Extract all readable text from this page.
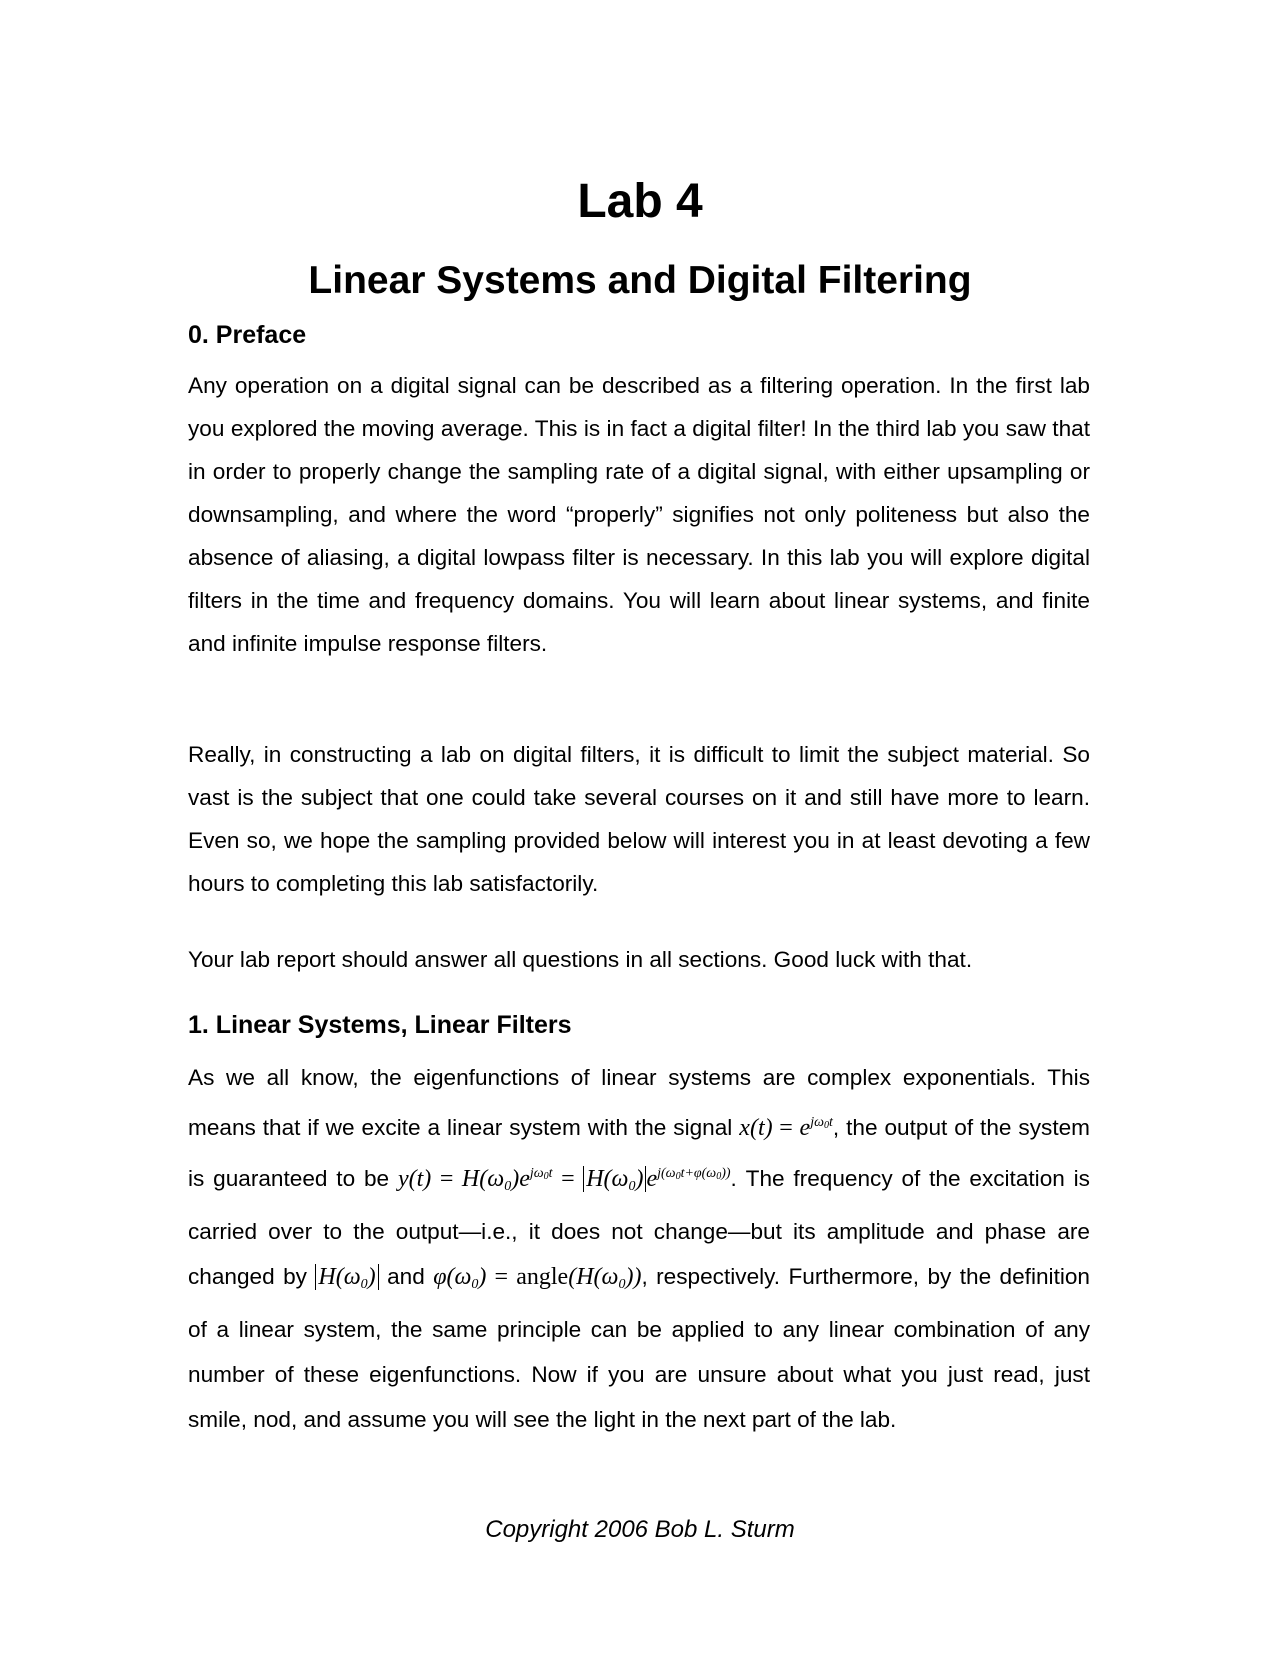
Lab 4
Linear Systems and Digital Filtering
0. Preface

Any operation on a digital signal can be described as a filtering operation. In the first lab you explored the moving average. This is in fact a digital filter! In the third lab you saw that in order to properly change the sampling rate of a digital signal, with either upsampling or downsampling, and where the word “properly” signifies not only politeness but also the absence of aliasing, a digital lowpass filter is necessary. In this lab you will explore digital filters in the time and frequency domains. You will learn about linear systems, and finite and infinite impulse response filters.

Really, in constructing a lab on digital filters, it is difficult to limit the subject material. So vast is the subject that one could take several courses on it and still have more to learn. Even so, we hope the sampling provided below will interest you in at least devoting a few hours to completing this lab satisfactorily.

Your lab report should answer all questions in all sections. Good luck with that.

1. Linear Systems, Linear Filters

As we all know, the eigenfunctions of linear systems are complex exponentials. This means that if we excite a linear system with the signal $x(t) = e^{j\omega_0t}$, the output of the system is guaranteed to be $y(t) = H(\omega_0)e^{j\omega_0t} = H(\omega_0)$ $e^{j(\omega_0t+\varphi(\omega_0))}$. The frequency of the excitation is carried over to the output—i.e., it does not change—but its amplitude and phase are changed by $H(\omega_0)$ and $\varphi(\omega_0)$ = $angle(H(\omega_0))$, respectively. Furthermore, by the definition of a linear system, the same principle can be applied to any linear combination of any number of these eigenfunctions. Now if you are unsure about what you just read, just smile, nod, and assume you will see the light in the next part of the lab.

Copyright 2006 Bob L. Sturm
